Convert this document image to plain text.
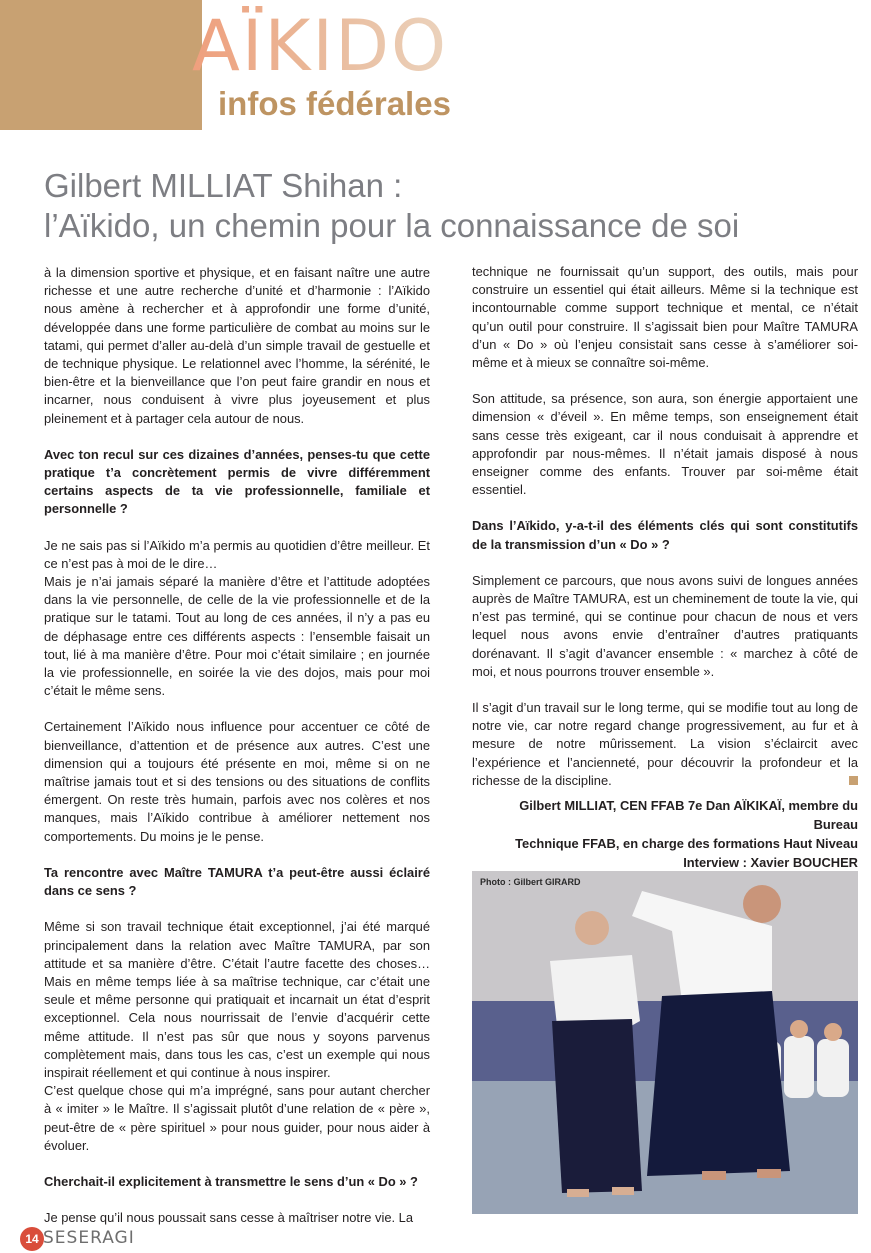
AÏKIDO
infos fédérales
Gilbert MILLIAT Shihan :
l’Aïkido, un chemin pour la connaissance de soi

à la dimension sportive et physique, et en faisant naître une autre richesse et une autre recherche d’unité et d’harmonie : l’Aïkido nous amène à rechercher et à approfondir une forme d’unité, développée dans une forme particulière de combat au moins sur le tatami, qui permet d’aller au-delà d’un simple travail de gestuelle et de technique physique. Le relationnel avec l’homme, la sérénité, le bien-être et la bienveillance que l’on peut faire grandir en nous et incarner, nous conduisent à vivre plus joyeusement et plus pleinement et à partager cela autour de nous.

Avec ton recul sur ces dizaines d’années, penses-tu que cette pratique t’a concrètement permis de vivre différemment certains aspects de ta vie professionnelle, familiale et personnelle ?

Je ne sais pas si l’Aïkido m’a permis au quotidien d’être meilleur. Et ce n’est pas à moi de le dire…

Mais je n’ai jamais séparé la manière d’être et l’attitude adoptées dans la vie personnelle, de celle de la vie professionnelle et de la pratique sur le tatami. Tout au long de ces années, il n’y a pas eu de déphasage entre ces différents aspects : l’ensemble faisait un tout, lié à ma manière d’être. Pour moi c’était similaire ; en journée la vie professionnelle, en soirée la vie des dojos, mais pour moi c’était le même sens.

Certainement l’Aïkido nous influence pour accentuer ce côté de bienveillance, d’attention et de présence aux autres. C’est une dimension qui a toujours été présente en moi, même si on ne maîtrise jamais tout et si des tensions ou des situations de conflits émergent. On reste très humain, parfois avec nos colères et nos manques, mais l’Aïkido contribue à améliorer nettement nos comportements. Du moins je le pense.

Ta rencontre avec Maître TAMURA t’a peut-être aussi éclairé dans ce sens ?

Même si son travail technique était exceptionnel, j’ai été marqué principalement dans la relation avec Maître TAMURA, par son attitude et sa manière d’être. C’était l’autre facette des choses… Mais en même temps liée à sa maîtrise technique, car c’était une seule et même personne qui pratiquait et incarnait un état d’esprit exceptionnel. Cela nous nourrissait de l’envie d’acquérir cette même attitude. Il n’est pas sûr que nous y soyons parvenus complètement mais, dans tous les cas, c’est un exemple qui nous inspirait réellement et qui continue à nous inspirer.

C’est quelque chose qui m’a imprégné, sans pour autant chercher à « imiter » le Maître. Il s’agissait plutôt d’une relation de « père », peut-être de « père spirituel » pour nous guider, pour nous aider à évoluer.

Cherchait-il explicitement à transmettre le sens d’un « Do » ?

Je pense qu’il nous poussait sans cesse à maîtriser notre vie. La

technique ne fournissait qu’un support, des outils, mais pour construire un essentiel qui était ailleurs. Même si la technique est incontournable comme support technique et mental, ce n’était qu’un outil pour construire. Il s’agissait bien pour Maître TAMURA d’un « Do » où l’enjeu consistait sans cesse à s’améliorer soi-même et à mieux se connaître soi-même.

Son attitude, sa présence, son aura, son énergie apportaient une dimension « d’éveil ». En même temps, son enseignement était sans cesse très exigeant, car il nous conduisait à apprendre et approfondir par nous-mêmes. Il n’était jamais disposé à nous enseigner comme des enfants. Trouver par soi-même était essentiel.

Dans l’Aïkido, y-a-t-il des éléments clés qui sont constitutifs de la transmission d’un « Do » ?

Simplement ce parcours, que nous avons suivi de longues années auprès de Maître TAMURA, est un cheminement de toute la vie, qui n’est pas terminé, qui se continue pour chacun de nous et vers lequel nous avons envie d’entraîner d’autres pratiquants dorénavant. Il s’agit d’avancer ensemble : « marchez à côté de moi, et nous pourrons trouver ensemble ».

Il s’agit d’un travail sur le long terme, qui se modifie tout au long de notre vie, car notre regard change progressivement, au fur et à mesure de notre mûrissement. La vision s’éclaircit avec l’expérience et l’ancienneté, pour découvrir la profondeur et la richesse de la discipline.

Gilbert MILLIAT, CEN FFAB 7e Dan AÏKIKAÏ, membre du Bureau
Technique FFAB, en charge des formations Haut Niveau
Interview : Xavier BOUCHER
Photo : Gilbert GIRARD
14 SESERAGI
